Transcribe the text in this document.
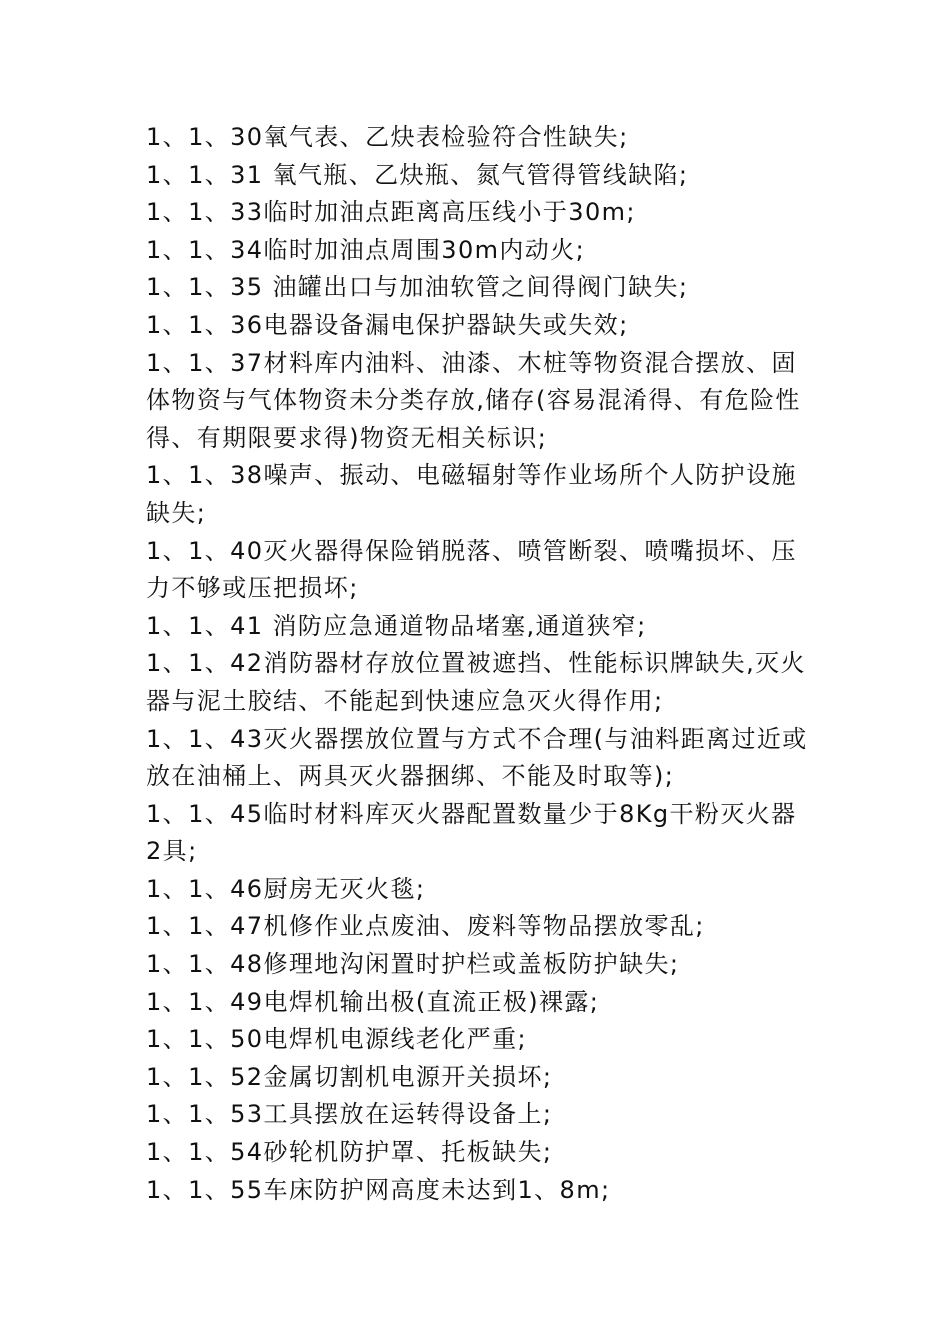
1、1、30氧气表、乙炔表检验符合性缺失;

1、1、31 氧气瓶、乙炔瓶、氮气管得管线缺陷;

1、1、33临时加油点距离高压线小于30m;

1、1、34临时加油点周围30m内动火;

1、1、35 油罐出口与加油软管之间得阀门缺失;

1、1、36电器设备漏电保护器缺失或失效;

1、1、37材料库内油料、油漆、木桩等物资混合摆放、固体物资与气体物资未分类存放,储存(容易混淆得、有危险性得、有期限要求得)物资无相关标识;

1、1、38噪声、振动、电磁辐射等作业场所个人防护设施缺失;

1、1、40灭火器得保险销脱落、喷管断裂、喷嘴损坏、压力不够或压把损坏;

1、1、41 消防应急通道物品堵塞,通道狭窄;

1、1、42消防器材存放位置被遮挡、性能标识牌缺失,灭火器与泥土胶结、不能起到快速应急灭火得作用;

1、1、43灭火器摆放位置与方式不合理(与油料距离过近或放在油桶上、两具灭火器捆绑、不能及时取等);

1、1、45临时材料库灭火器配置数量少于8Kg干粉灭火器2具;

1、1、46厨房无灭火毯;

1、1、47机修作业点废油、废料等物品摆放零乱;

1、1、48修理地沟闲置时护栏或盖板防护缺失;

1、1、49电焊机输出极(直流正极)裸露;

1、1、50电焊机电源线老化严重;

1、1、52金属切割机电源开关损坏;

1、1、53工具摆放在运转得设备上;

1、1、54砂轮机防护罩、托板缺失;

1、1、55车床防护网高度未达到1、8m;
